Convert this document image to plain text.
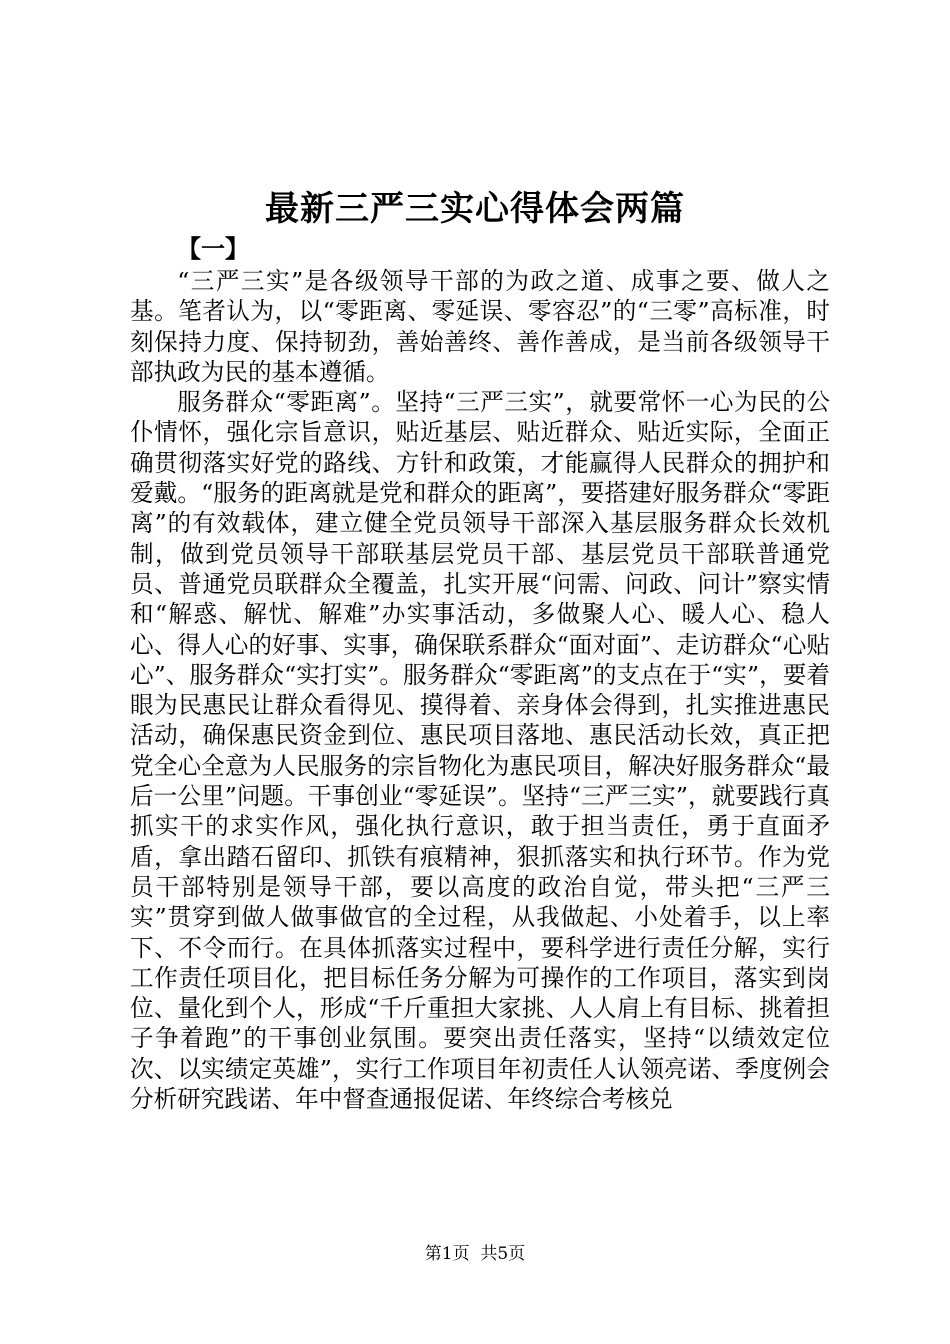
最新三严三实心得体会两篇
【一】

“三严三实”是各级领导干部的为政之道、成事之要、做人之基。笔者认为，以“零距离、零延误、零容忍”的“三零”高标准，时刻保持力度、保持韧劲，善始善终、善作善成，是当前各级领导干部执政为民的基本遵循。

服务群众“零距离”。坚持“三严三实”，就要常怀一心为民的公仆情怀，强化宗旨意识，贴近基层、贴近群众、贴近实际，全面正确贯彻落实好党的路线、方针和政策，才能赢得人民群众的拥护和爱戴。“服务的距离就是党和群众的距离”，要搭建好服务群众“零距离”的有效载体，建立健全党员领导干部深入基层服务群众长效机制，做到党员领导干部联基层党员干部、基层党员干部联普通党员、普通党员联群众全覆盖，扎实开展“问需、问政、问计”察实情和“解惑、解忧、解难”办实事活动，多做聚人心、暖人心、稳人心、得人心的好事、实事，确保联系群众“面对面”、走访群众“心贴心”、服务群众“实打实”。服务群众“零距离”的支点在于“实”，要着眼为民惠民让群众看得见、摸得着、亲身体会得到，扎实推进惠民活动，确保惠民资金到位、惠民项目落地、惠民活动长效，真正把党全心全意为人民服务的宗旨物化为惠民项目，解决好服务群众“最后一公里”问题。干事创业“零延误”。坚持“三严三实”，就要践行真抓实干的求实作风，强化执行意识，敢于担当责任，勇于直面矛盾，拿出踏石留印、抓铁有痕精神，狠抓落实和执行环节。作为党员干部特别是领导干部，要以高度的政治自觉，带头把“三严三实”贯穿到做人做事做官的全过程，从我做起、小处着手，以上率下、不令而行。在具体抓落实过程中，要科学进行责任分解，实行工作责任项目化，把目标任务分解为可操作的工作项目，落实到岗位、量化到个人，形成“千斤重担大家挑、人人肩上有目标、挑着担子争着跑”的干事创业氛围。要突出责任落实，坚持“以绩效定位次、以实绩定英雄”，实行工作项目年初责任人认领亮诺、季度例会分析研究践诺、年中督查通报促诺、年终综合考核兑

第1页  共5页
